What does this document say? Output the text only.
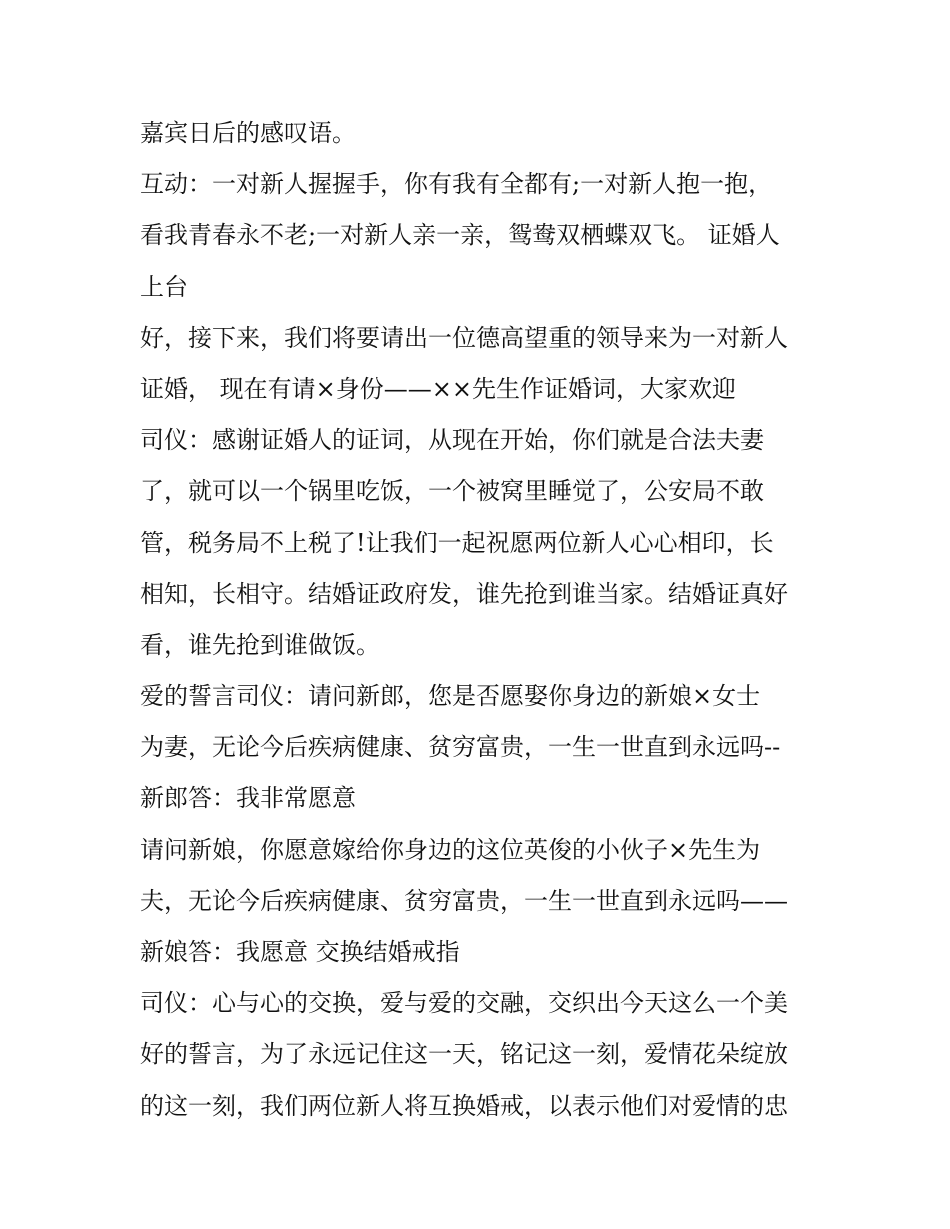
嘉宾日后的感叹语。
互动：一对新人握握手，你有我有全都有;一对新人抱一抱，
看我青春永不老;一对新人亲一亲，鸳鸯双栖蝶双飞。 证婚人
上台
好，接下来，我们将要请出一位德高望重的领导来为一对新人
证婚， 现在有请×身份——××先生作证婚词，大家欢迎
司仪：感谢证婚人的证词，从现在开始，你们就是合法夫妻
了，就可以一个锅里吃饭，一个被窝里睡觉了，公安局不敢
管，税务局不上税了!让我们一起祝愿两位新人心心相印，长
相知，长相守。结婚证政府发，谁先抢到谁当家。结婚证真好
看，谁先抢到谁做饭。
爱的誓言司仪：请问新郎，您是否愿娶你身边的新娘×女士
为妻，无论今后疾病健康、贫穷富贵，一生一世直到永远吗--
新郎答：我非常愿意
请问新娘，你愿意嫁给你身边的这位英俊的小伙子×先生为
夫，无论今后疾病健康、贫穷富贵，一生一世直到永远吗——
新娘答：我愿意 交换结婚戒指
司仪：心与心的交换，爱与爱的交融，交织出今天这么一个美
好的誓言，为了永远记住这一天，铭记这一刻，爱情花朵绽放
的这一刻，我们两位新人将互换婚戒，以表示他们对爱情的忠
